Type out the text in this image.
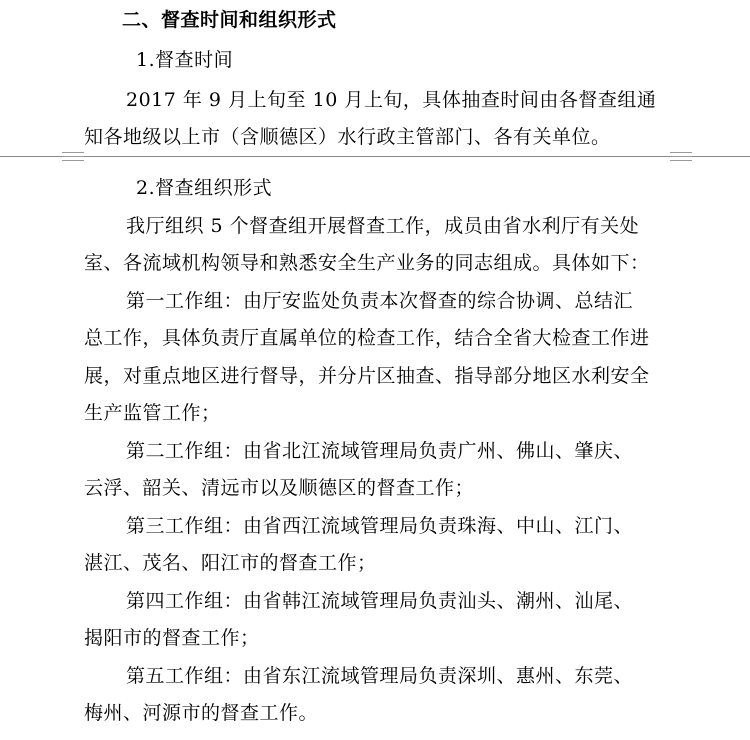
二、督查时间和组织形式
1.督查时间
2017 年 9 月上旬至 10 月上旬，具体抽查时间由各督查组通
知各地级以上市（含顺德区）水行政主管部门、各有关单位。
2.督查组织形式
我厅组织 5 个督查组开展督查工作，成员由省水利厅有关处
室、各流域机构领导和熟悉安全生产业务的同志组成。具体如下：
第一工作组：由厅安监处负责本次督查的综合协调、总结汇
总工作，具体负责厅直属单位的检查工作，结合全省大检查工作进
展，对重点地区进行督导，并分片区抽查、指导部分地区水利安全
生产监管工作；
第二工作组：由省北江流域管理局负责广州、佛山、肇庆、
云浮、韶关、清远市以及顺德区的督查工作；
第三工作组：由省西江流域管理局负责珠海、中山、江门、
湛江、茂名、阳江市的督查工作；
第四工作组：由省韩江流域管理局负责汕头、潮州、汕尾、
揭阳市的督查工作；
第五工作组：由省东江流域管理局负责深圳、惠州、东莞、
梅州、河源市的督查工作。
